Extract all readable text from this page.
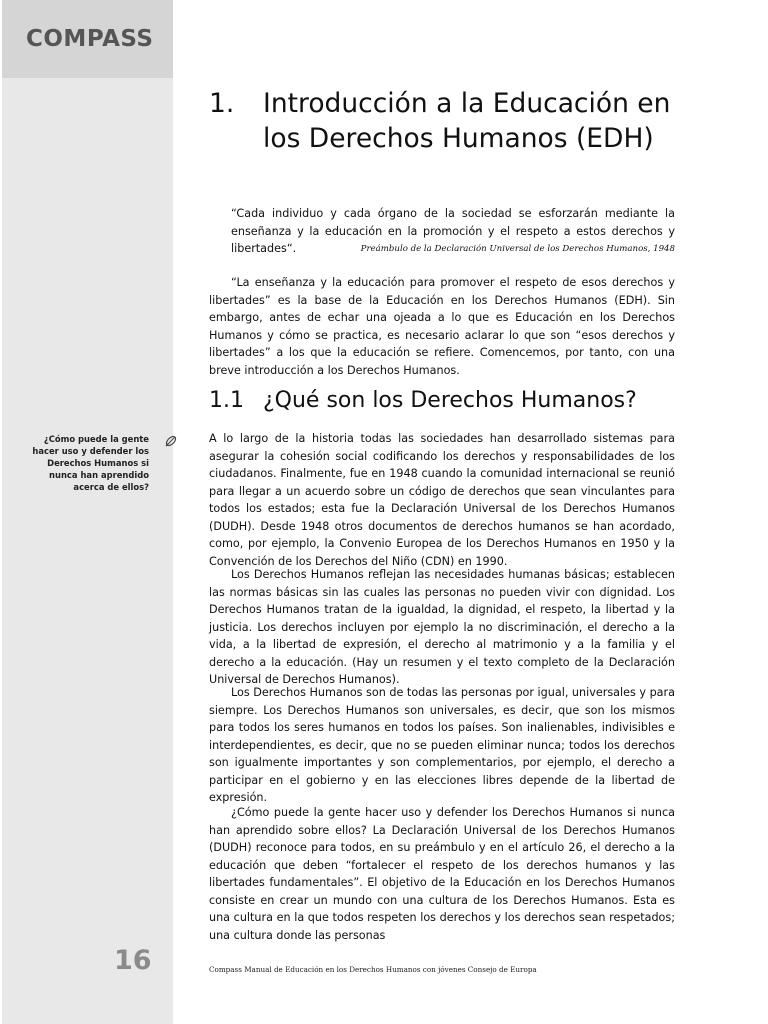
COMPASS
¿Cómo puede la gente hacer uso y defender los Derechos Humanos si nunca han aprendido acerca de ellos?
16
1. Introducción a la Educación en los Derechos Humanos (EDH)
“Cada individuo y cada órgano de la sociedad se esforzarán mediante la enseñanza y la educación en la promoción y el respeto a estos derechos y libertades“.	Preámbulo de la Declaración Universal de los Derechos Humanos, 1948
“La enseñanza y la educación para promover el respeto de esos derechos y libertades” es la base de la Educación en los Derechos Humanos (EDH). Sin embargo, antes de echar una ojeada a lo que es Educación en los Derechos Humanos y cómo se practica, es necesario aclarar lo que son “esos derechos y libertades” a los que la educación se refiere. Comencemos, por tanto, con una breve introducción a los Derechos Humanos.
1.1 ¿Qué son los Derechos Humanos?
A lo largo de la historia todas las sociedades han desarrollado sistemas para asegurar la cohesión social codificando los derechos y responsabilidades de los ciudadanos. Finalmente, fue en 1948 cuando la comunidad internacional se reunió para llegar a un acuerdo sobre un código de derechos que sean vinculantes para todos los estados; esta fue la Declaración Universal de los Derechos Humanos (DUDH). Desde 1948 otros documentos de derechos humanos se han acordado, como, por ejemplo, la Convenio Europea de los Derechos Humanos en 1950 y la Convención de los Derechos del Niño (CDN) en 1990.
Los Derechos Humanos reflejan las necesidades humanas básicas; establecen las normas básicas sin las cuales las personas no pueden vivir con dignidad. Los Derechos Humanos tratan de la igualdad, la dignidad, el respeto, la libertad y la justicia. Los derechos incluyen por ejemplo la no discriminación, el derecho a la vida, a la libertad de expresión, el derecho al matrimonio y a la familia y el derecho a la educación. (Hay un resumen y el texto completo de la Declaración Universal de Derechos Humanos).
Los Derechos Humanos son de todas las personas por igual, universales y para siempre. Los Derechos Humanos son universales, es decir, que son los mismos para todos los seres humanos en todos los países. Son inalienables, indivisibles e interdependientes, es decir, que no se pueden eliminar nunca; todos los derechos son igualmente importantes y son complementarios, por ejemplo, el derecho a participar en el gobierno y en las elecciones libres depende de la libertad de expresión.
¿Cómo puede la gente hacer uso y defender los Derechos Humanos si nunca han aprendido sobre ellos? La Declaración Universal de los Derechos Humanos (DUDH) reconoce para todos, en su preámbulo y en el artículo 26, el derecho a la educación que deben “fortalecer el respeto de los derechos humanos y las libertades fundamentales”. El objetivo de la Educación en los Derechos Humanos consiste en crear un mundo con una cultura de los Derechos Humanos. Esta es una cultura en la que todos respeten los derechos y los derechos sean respetados; una cultura donde las personas
Compass Manual de Educación en los Derechos Humanos con jóvenes Consejo de Europa
